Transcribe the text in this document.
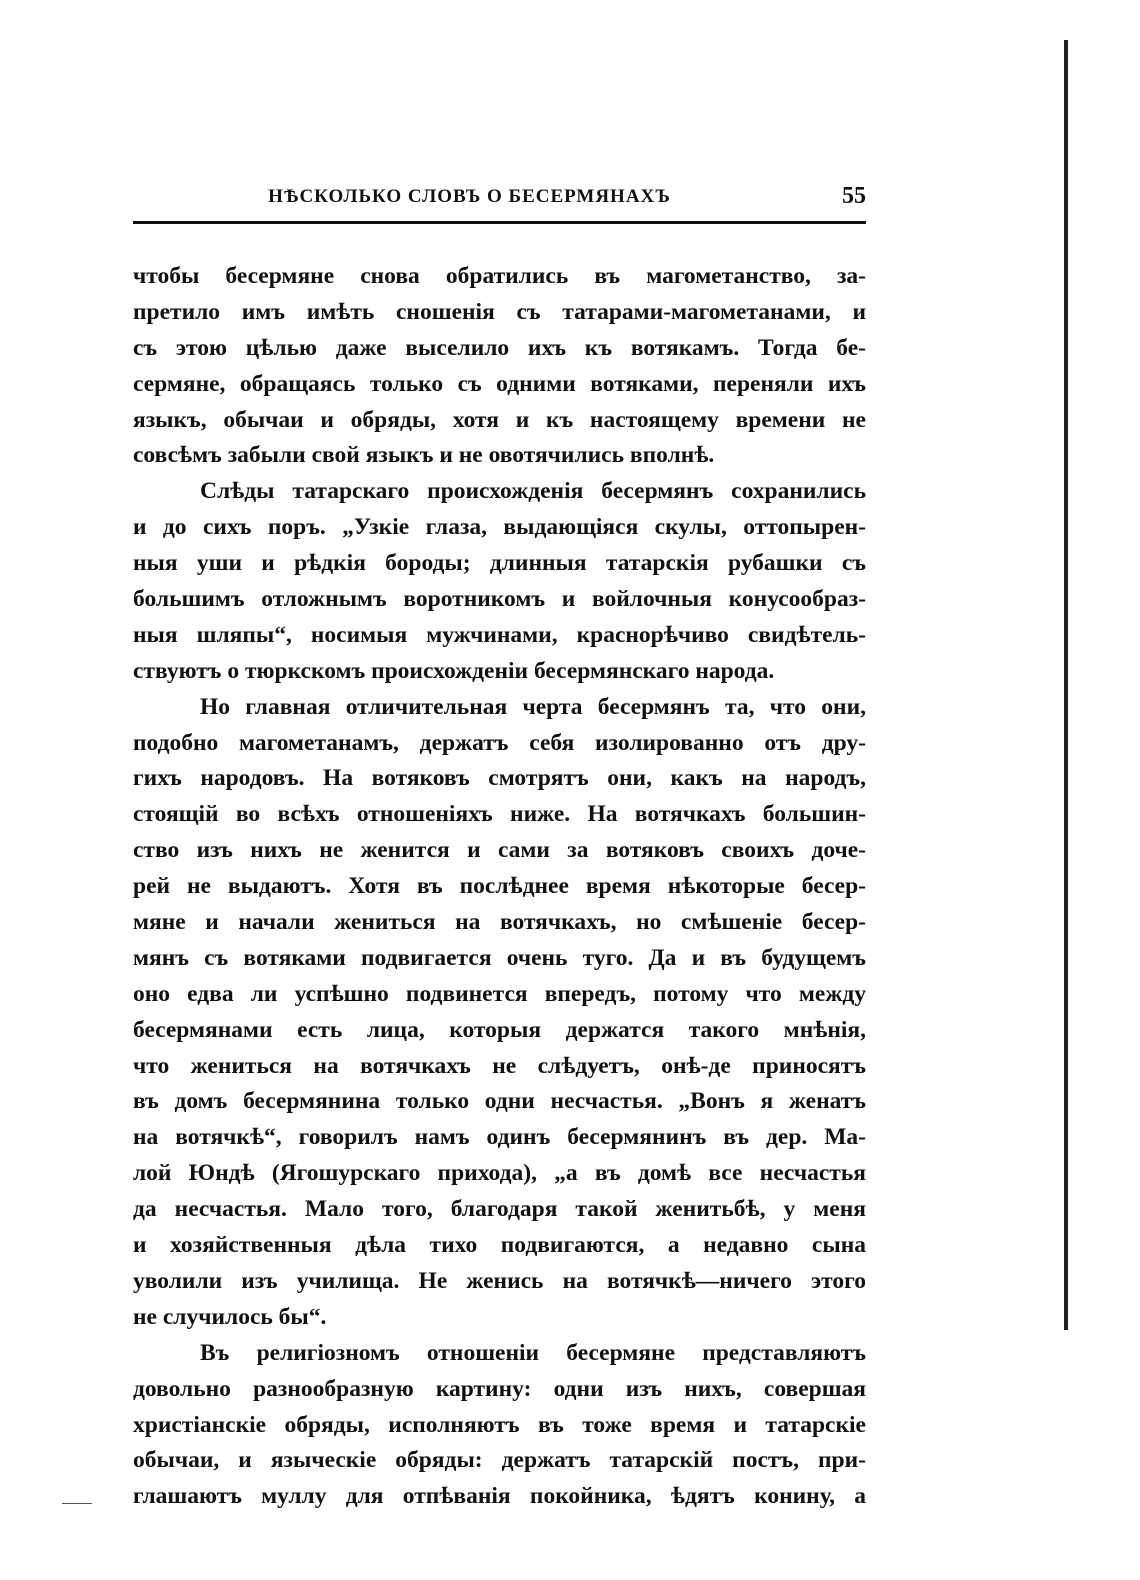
НѢСКОЛЬКО СЛОВЪ О БЕСЕРМЯНАХЪ	55
чтобы бесермяне снова обратились въ магометанство, за-
претило имъ имѣть сношенія съ татарами-магометанами, и
съ этою цѣлью даже выселило ихъ къ вотякамъ. Тогда бе-
сермяне, обращаясь только съ одними вотяками, переняли ихъ
языкъ, обычаи и обряды, хотя и къ настоящему времени не
совсѣмъ забыли свой языкъ и не овотячились вполнѣ.
Слѣды татарскаго происхожденія бесермянъ сохранились
и до сихъ поръ. „Узкіе глаза, выдающіяся скулы, оттопырен-
ныя уши и рѣдкія бороды; длинныя татарскія рубашки съ
большимъ отложнымъ воротникомъ и войлочныя конусообраз-
ныя шляпы“, носимыя мужчинами, краснорѣчиво свидѣтель-
ствуютъ о тюркскомъ происхожденіи бесермянскаго народа.
Но главная отличительная черта бесермянъ та, что они,
подобно магометанамъ, держатъ себя изолированно отъ дру-
гихъ народовъ. На вотяковъ смотрятъ они, какъ на народъ,
стоящій во всѣхъ отношеніяхъ ниже. На вотячкахъ большин-
ство изъ нихъ не женится и сами за вотяковъ своихъ доче-
рей не выдаютъ. Хотя въ послѣднее время нѣкоторые бесер-
мяне и начали жениться на вотячкахъ, но смѣшеніе бесер-
мянъ съ вотяками подвигается очень туго. Да и въ будущемъ
оно едва ли успѣшно подвинется впередъ, потому что между
бесермянами есть лица, которыя держатся такого мнѣнія,
что жениться на вотячкахъ не слѣдуетъ, онѣ-де приносятъ
въ домъ бесермянина только одни несчастья. „Вонъ я женатъ
на вотячкѣ“, говорилъ намъ одинъ бесермянинъ въ дер. Ма-
лой Юндѣ (Ягошурскаго прихода), „а въ домѣ все несчастья
да несчастья. Мало того, благодаря такой женитьбѣ, у меня
и хозяйственныя дѣла тихо подвигаются, а недавно сына
уволили изъ училища. Не женись на вотячкѣ—ничего этого
не случилось бы“.
Въ религіозномъ отношеніи бесермяне представляютъ
довольно разнообразную картину: одни изъ нихъ, совершая
христіанскіе обряды, исполняютъ въ тоже время и татарскіе
обычаи, и языческіе обряды: держатъ татарскій постъ, при-
глашаютъ муллу для отпѣванія покойника, ѣдятъ конину, а
